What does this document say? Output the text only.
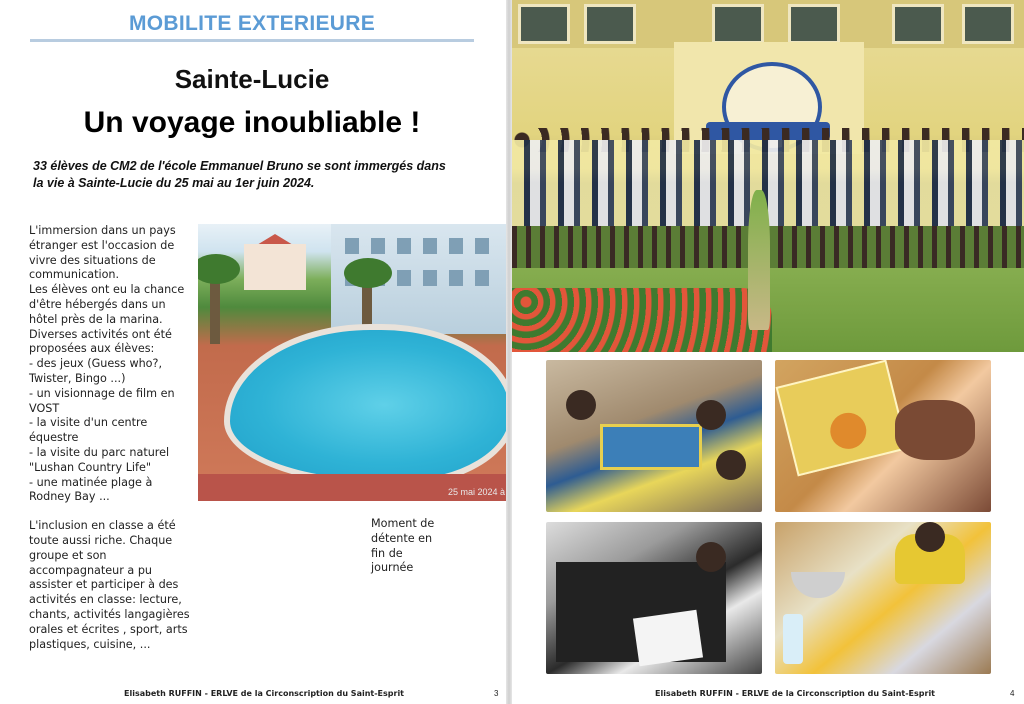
MOBILITE EXTERIEURE
Sainte-Lucie
Un voyage inoubliable !
33 élèves de CM2 de l'école Emmanuel Bruno se sont immergés dans
la vie à Sainte-Lucie du 25 mai au 1er juin 2024.
L'immersion dans un pays
étranger est l'occasion de
vivre des situations de
communication.
Les élèves ont eu la chance
d'être hébergés dans un
hôtel près de la marina.
Diverses activités ont été
proposées aux élèves:
- des jeux (Guess who?,
Twister, Bingo ...)
- un visionnage de film en
VOST
- la visite d'un centre
équestre
- la visite du parc naturel
"Lushan Country Life"
- une matinée plage à
Rodney Bay ...
L'inclusion en classe a été
toute aussi riche. Chaque
groupe et son
accompagnateur a pu
assister et participer à des
activités en classe: lecture,
chants, activités langagières
orales et écrites , sport, arts
plastiques, cuisine, ...
25 mai 2024 à
Moment de
détente en
fin de
journée
Elisabeth RUFFIN - ERLVE de la Circonscription du Saint-Esprit	3	Elisabeth RUFFIN - ERLVE de la Circonscription du Saint-Esprit	4
